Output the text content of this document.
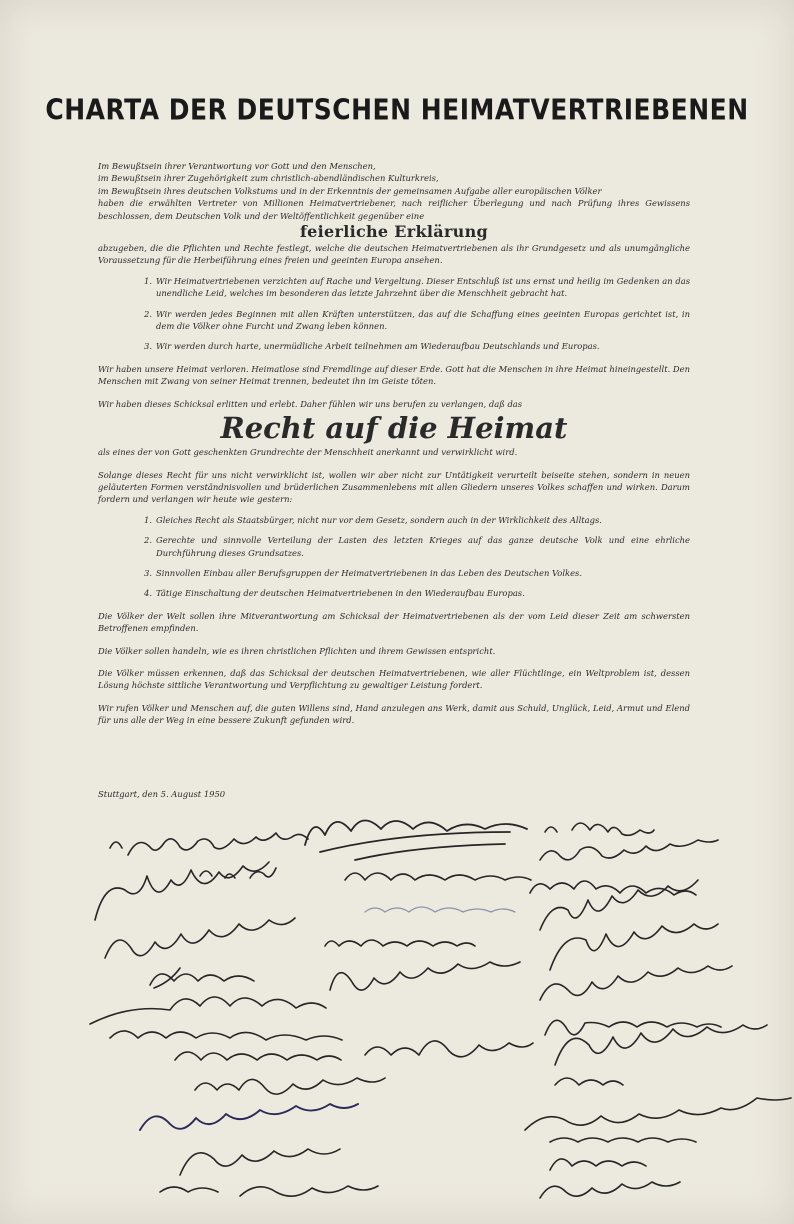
CHARTA DER DEUTSCHEN HEIMATVERTRIEBENEN

Im Bewußtsein ihrer Verantwortung vor Gott und den Menschen,

im Bewußtsein ihrer Zugehörigkeit zum christlich-abendländischen Kulturkreis,

im Bewußtsein ihres deutschen Volkstums und in der Erkenntnis der gemeinsamen Aufgabe aller europäischen Völker

haben die erwählten Vertreter von Millionen Heimatvertriebener, nach reiflicher Überlegung und nach Prüfung ihres Gewissens beschlossen, dem Deutschen Volk und der Weltöffentlichkeit gegenüber eine

feierliche Erklärung

abzugeben, die die Pflichten und Rechte festlegt, welche die deutschen Heimatvertriebenen als ihr Grundgesetz und als unumgängliche Voraussetzung für die Herbeiführung eines freien und geeinten Europa ansehen.

1. Wir Heimatvertriebenen verzichten auf Rache und Vergeltung. Dieser Entschluß ist uns ernst und heilig im Gedenken an das unendliche Leid, welches im besonderen das letzte Jahrzehnt über die Menschheit gebracht hat.
2. Wir werden jedes Beginnen mit allen Kräften unterstützen, das auf die Schaffung eines geeinten Europas gerichtet ist, in dem die Völker ohne Furcht und Zwang leben können.
3. Wir werden durch harte, unermüdliche Arbeit teilnehmen am Wiederaufbau Deutschlands und Europas.

Wir haben unsere Heimat verloren. Heimatlose sind Fremdlinge auf dieser Erde. Gott hat die Menschen in ihre Heimat hineingestellt. Den Menschen mit Zwang von seiner Heimat trennen, bedeutet ihn im Geiste töten.

Wir haben dieses Schicksal erlitten und erlebt. Daher fühlen wir uns berufen zu verlangen, daß das

Recht auf die Heimat

als eines der von Gott geschenkten Grundrechte der Menschheit anerkannt und verwirklicht wird.

Solange dieses Recht für uns nicht verwirklicht ist, wollen wir aber nicht zur Untätigkeit verurteilt beiseite stehen, sondern in neuen geläuterten Formen verständnisvollen und brüderlichen Zusammenlebens mit allen Gliedern unseres Volkes schaffen und wirken. Darum fordern und verlangen wir heute wie gestern:

1. Gleiches Recht als Staatsbürger, nicht nur vor dem Gesetz, sondern auch in der Wirklichkeit des Alltags.
2. Gerechte und sinnvolle Verteilung der Lasten des letzten Krieges auf das ganze deutsche Volk und eine ehrliche Durchführung dieses Grundsatzes.
3. Sinnvollen Einbau aller Berufsgruppen der Heimatvertriebenen in das Leben des Deutschen Volkes.
4. Tätige Einschaltung der deutschen Heimatvertriebenen in den Wiederaufbau Europas.

Die Völker der Welt sollen ihre Mitverantwortung am Schicksal der Heimatvertriebenen als der vom Leid dieser Zeit am schwersten Betroffenen empfinden.

Die Völker sollen handeln, wie es ihren christlichen Pflichten und ihrem Gewissen entspricht.

Die Völker müssen erkennen, daß das Schicksal der deutschen Heimatvertriebenen, wie aller Flüchtlinge, ein Weltproblem ist, dessen Lösung höchste sittliche Verantwortung und Verpflichtung zu gewaltiger Leistung fordert.

Wir rufen Völker und Menschen auf, die guten Willens sind, Hand anzulegen ans Werk, damit aus Schuld, Unglück, Leid, Armut und Elend für uns alle der Weg in eine bessere Zukunft gefunden wird.

Stuttgart, den 5. August 1950
